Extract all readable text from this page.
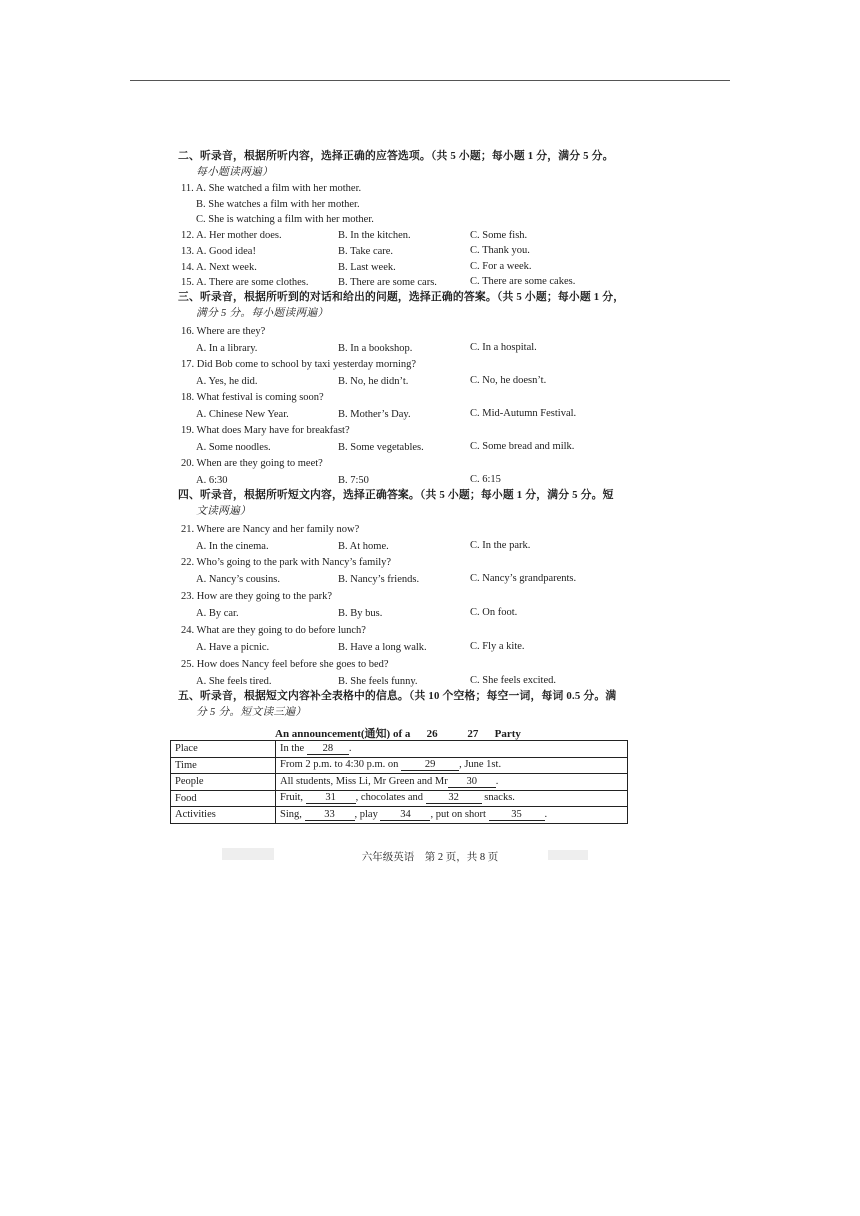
二、听录音，根据所听内容，选择正确的应答选项。（共 5 小题；每小题 1 分，满分 5 分。
每小题读两遍）
11. A. She watched a film with her mother.
B. She watches a film with her mother.
C. She is watching a film with her mother.
12. A. Her mother does.	B. In the kitchen.	C. Some fish.
13. A. Good idea!	B. Take care.	C. Thank you.
14. A. Next week.	B. Last week.	C. For a week.
15. A. There are some clothes.	B. There are some cars.	C. There are some cakes.
三、听录音，根据所听到的对话和给出的问题，选择正确的答案。（共 5 小题；每小题 1 分，
满分 5 分。每小题读两遍）
16. Where are they?
A. In a library.	B. In a bookshop.	C. In a hospital.
17. Did Bob come to school by taxi yesterday morning?
A. Yes, he did.	B. No, he didn’t.	C. No, he doesn’t.
18. What festival is coming soon?
A. Chinese New Year.	B. Mother’s Day.	C. Mid-Autumn Festival.
19. What does Mary have for breakfast?
A. Some noodles.	B. Some vegetables.	C. Some bread and milk.
20. When are they going to meet?
A. 6:30	B. 7:50	C. 6:15
四、听录音，根据所听短文内容，选择正确答案。（共 5 小题；每小题 1 分，满分 5 分。短
文读两遍）
21. Where are Nancy and her family now?
A. In the cinema.	B. At home.	C. In the park.
22. Who’s going to the park with Nancy’s family?
A. Nancy’s cousins.	B. Nancy’s friends.	C. Nancy’s grandparents.
23. How are they going to the park?
A. By car.	B. By bus.	C. On foot.
24. What are they going to do before lunch?
A. Have a picnic.	B. Have a long walk.	C. Fly a kite.
25. How does Nancy feel before she goes to bed?
A. She feels tired.	B. She feels funny.	C. She feels excited.
五、听录音，根据短文内容补全表格中的信息。（共 10 个空格；每空一词，每词 0.5 分。满
分 5 分。短文读三遍）
An announcement(通知) of a 26	27 Party
Place	In the 28 .
Time	From 2 p.m. to 4:30 p.m. on 29 , June 1st.
People	All students, Miss Li, Mr Green and Mr 30 .
Food	Fruit, 31 , chocolates and 32 snacks.
Activities	Sing, 33 , play 34 , put on short 35 .
六年级英语　第 2 页，共 8 页
